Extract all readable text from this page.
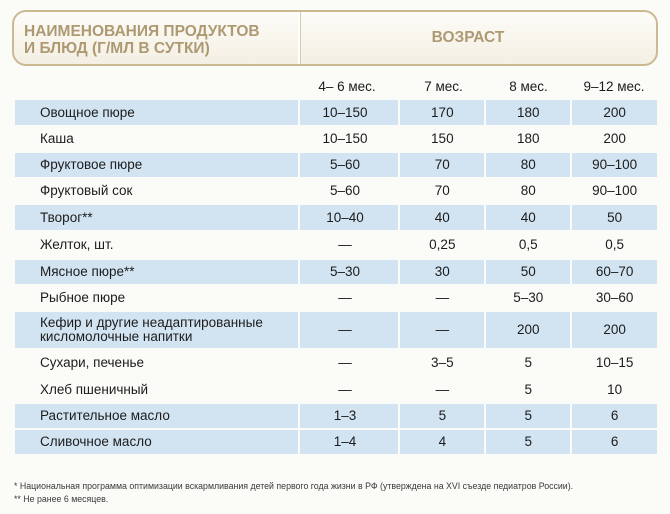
НАИМЕНОВАНИЯ ПРОДУКТОВ
И БЛЮД (Г/МЛ В СУТКИ)
ВОЗРАСТ
4– 6 мес.	7 мес.	8 мес.	9–12 мес.
Овощное пюре	10–150	170	180	200
Каша	10–150	150	180	200
Фруктовое пюре	5–60	70	80	90–100
Фруктовый сок	5–60	70	80	90–100
Творог**	10–40	40	40	50
Желток, шт.	—	0,25	0,5	0,5
Мясное пюре**	5–30	30	50	60–70
Рыбное пюре	—	—	5–30	30–60
Кефир и другие неадаптированные кисломолочные напитки	—	—	200	200
Сухари, печенье	—	3–5	5	10–15
Хлеб пшеничный	—	—	5	10
Растительное масло	1–3	5	5	6
Сливочное масло	1–4	4	5	6
* Национальная программа оптимизации вскармливания детей первого года жизни в РФ (утверждена на XVI съезде педиатров России).
** Не ранее 6 месяцев.
